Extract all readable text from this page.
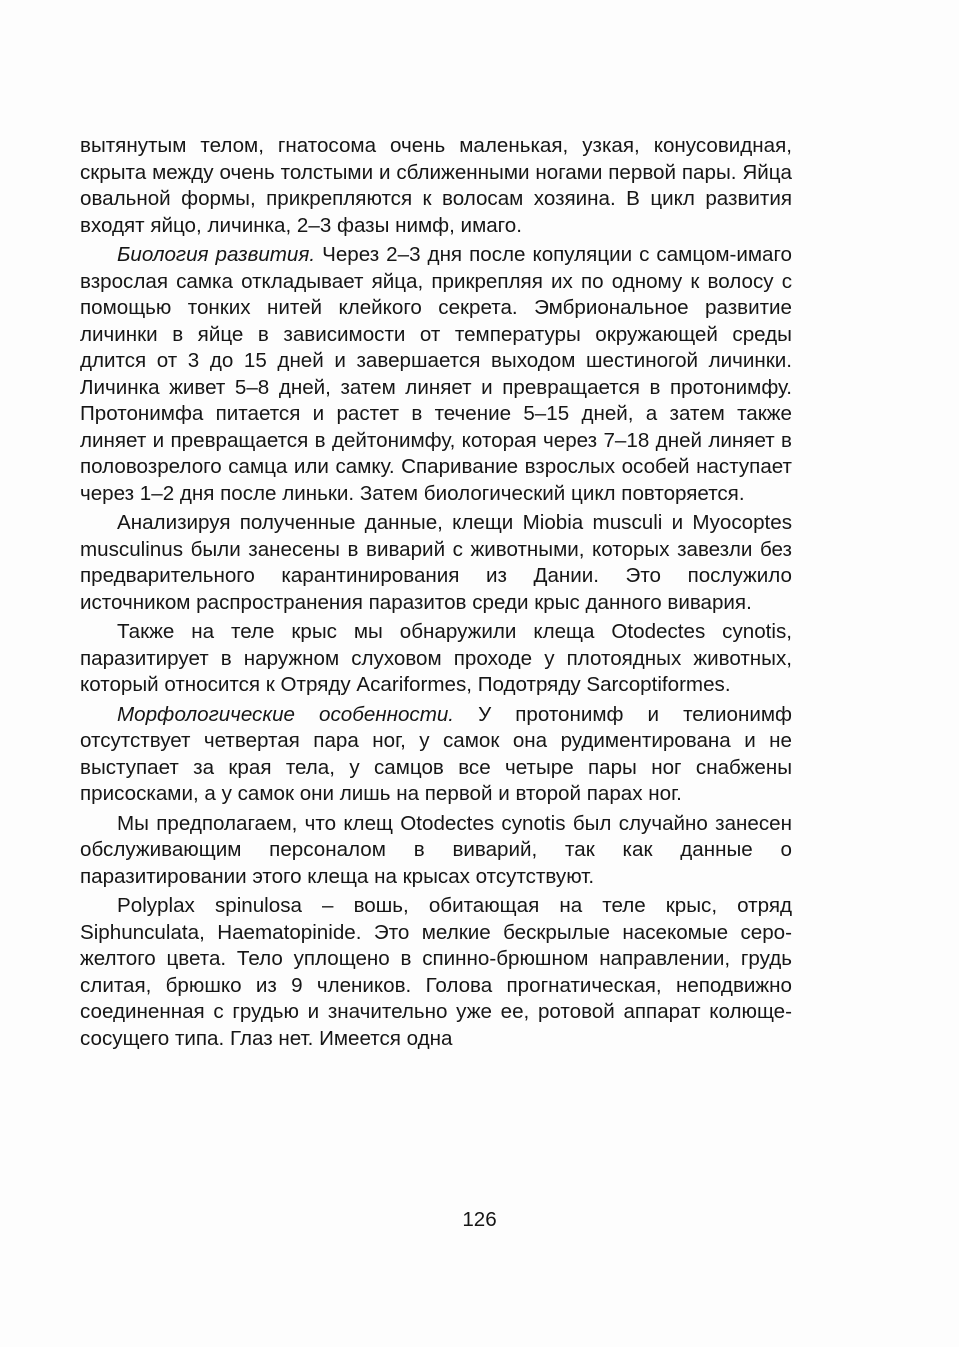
вытянутым телом, гнатосома очень маленькая, узкая, конусовидная, скрыта между очень толстыми и сближенными ногами первой пары. Яйца овальной формы, прикрепляются к волосам хозяина. В цикл развития входят яйцо, личинка, 2–3 фазы нимф, имаго.

Биология развития. Через 2–3 дня после копуляции с самцом-имаго взрослая самка откладывает яйца, прикрепляя их по одному к волосу с помощью тонких нитей клейкого секрета. Эмбриональное развитие личинки в яйце в зависимости от температуры окружающей среды длится от 3 до 15 дней и завершается выходом шестиногой личинки. Личинка живет 5–8 дней, затем линяет и превращается в протонимфу. Протонимфа питается и растет в течение 5–15 дней, а затем также линяет и превращается в дейтонимфу, которая через 7–18 дней линяет в половозрелого самца или самку. Спаривание взрослых особей наступает через 1–2 дня после линьки. Затем биологический цикл повторяется.

Анализируя полученные данные, клещи Miobia musculi и Myocoptes musculinus были занесены в виварий с животными, которых завезли без предварительного карантинирования из Дании. Это послужило источником распространения паразитов среди крыс данного вивария.

Также на теле крыс мы обнаружили клеща Otodectes cynotis, паразитирует в наружном слуховом проходе у плотоядных животных, который относится к Отряду Acariformes, Подотряду Sarcoptiformes.

Морфологические особенности. У протонимф и телионимф отсутствует четвертая пара ног, у самок она рудиментирована и не выступает за края тела, у самцов все четыре пары ног снабжены присосками, а у самок они лишь на первой и второй парах ног.

Мы предполагаем, что клещ Otodectes cynotis был случайно занесен обслуживающим персоналом в виварий, так как данные о паразитировании этого клеща на крысах отсутствуют.

Polyplax spinulosa – вошь, обитающая на теле крыс, отряд Siphunculata, Haematopinide. Это мелкие бескрылые насекомые серо-желтого цвета. Тело уплощено в спинно-брюшном направлении, грудь слитая, брюшко из 9 члеников. Голова прогнатическая, неподвижно соединенная с грудью и значительно уже ее, ротовой аппарат колюще-сосущего типа. Глаз нет. Имеется одна

126
